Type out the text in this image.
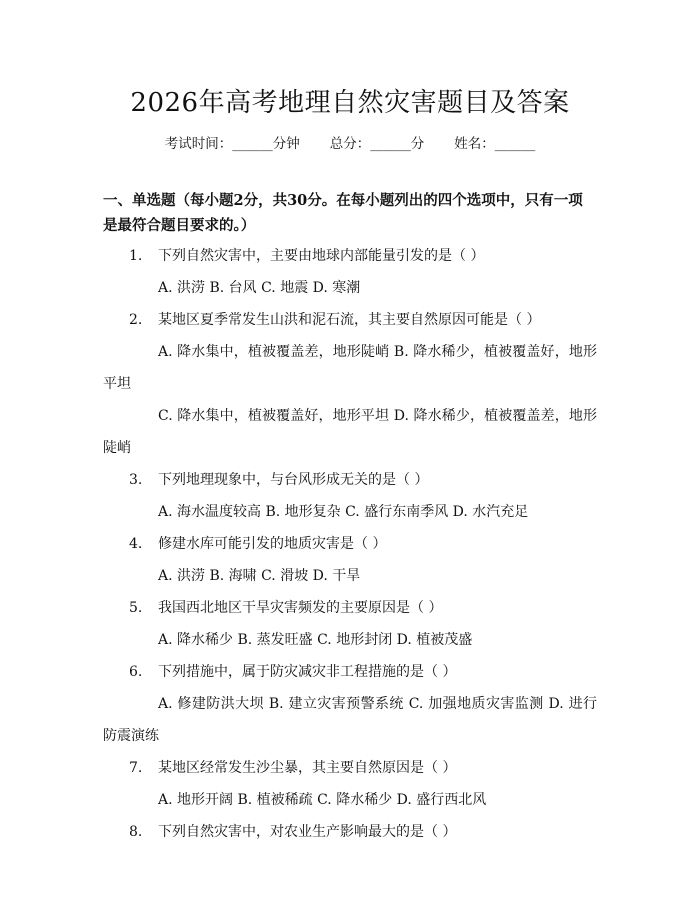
2026年高考地理自然灾害题目及答案
考试时间：______分钟 总分：______分 姓名：______
一、单选题（每小题2分，共30分。在每小题列出的四个选项中，只有一项是最符合题目要求的。）
1. 下列自然灾害中，主要由地球内部能量引发的是（ ）
A. 洪涝 B. 台风 C. 地震 D. 寒潮
2. 某地区夏季常发生山洪和泥石流，其主要自然原因可能是（ ）
A. 降水集中，植被覆盖差，地形陡峭 B. 降水稀少，植被覆盖好，地形平坦
C. 降水集中，植被覆盖好，地形平坦 D. 降水稀少，植被覆盖差，地形陡峭
3. 下列地理现象中，与台风形成无关的是（ ）
A. 海水温度较高 B. 地形复杂 C. 盛行东南季风 D. 水汽充足
4. 修建水库可能引发的地质灾害是（ ）
A. 洪涝 B. 海啸 C. 滑坡 D. 干旱
5. 我国西北地区干旱灾害频发的主要原因是（ ）
A. 降水稀少 B. 蒸发旺盛 C. 地形封闭 D. 植被茂盛
6. 下列措施中，属于防灾减灾非工程措施的是（ ）
A. 修建防洪大坝 B. 建立灾害预警系统 C. 加强地质灾害监测 D. 进行防震演练
7. 某地区经常发生沙尘暴，其主要自然原因是（ ）
A. 地形开阔 B. 植被稀疏 C. 降水稀少 D. 盛行西北风
8. 下列自然灾害中，对农业生产影响最大的是（ ）
